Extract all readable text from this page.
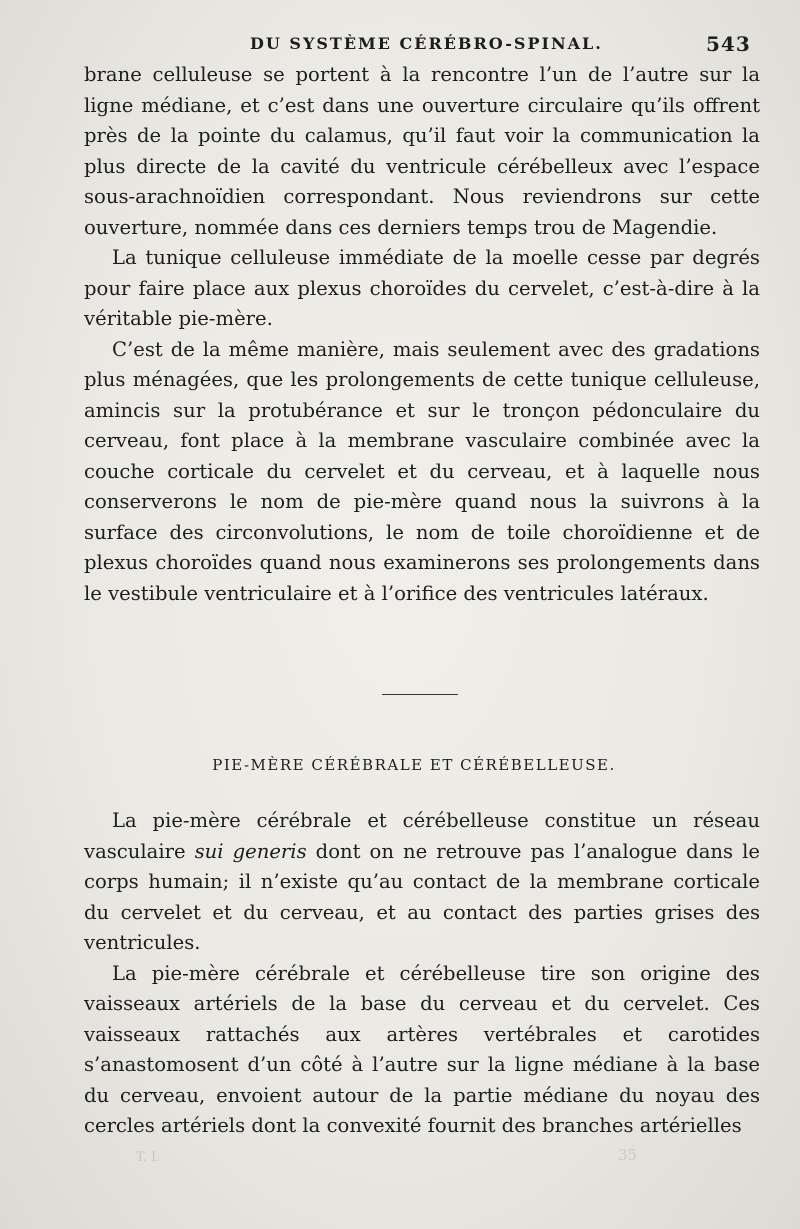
DU SYSTÈME CÉRÉBRO-SPINAL.	543

brane celluleuse se portent à la rencontre l’un de l’autre sur la ligne médiane, et c’est dans une ouverture circulaire qu’ils offrent près de la pointe du calamus, qu’il faut voir la communication la plus directe de la cavité du ventricule cérébelleux avec l’espace sous-arachnoïdien correspondant. Nous reviendrons sur cette ouverture, nommée dans ces derniers temps trou de Magendie.

La tunique celluleuse immédiate de la moelle cesse par degrés pour faire place aux plexus choroïdes du cervelet, c’est-à-dire à la véritable pie-mère.

C’est de la même manière, mais seulement avec des gradations plus ménagées, que les prolongements de cette tunique celluleuse, amincis sur la protubérance et sur le tronçon pédonculaire du cerveau, font place à la membrane vasculaire combinée avec la couche corticale du cervelet et du cerveau, et à laquelle nous conserverons le nom de pie-mère quand nous la suivrons à la surface des circonvolutions, le nom de toile choroïdienne et de plexus choroïdes quand nous examinerons ses prolongements dans le vestibule ventriculaire et à l’orifice des ventricules latéraux.

PIE-MÈRE CÉRÉBRALE ET CÉRÉBELLEUSE.

La pie-mère cérébrale et cérébelleuse constitue un réseau vasculaire sui generis dont on ne retrouve pas l’analogue dans le corps humain; il n’existe qu’au contact de la membrane corticale du cervelet et du cerveau, et au contact des parties grises des ventricules.

La pie-mère cérébrale et cérébelleuse tire son origine des vaisseaux artériels de la base du cerveau et du cervelet. Ces vaisseaux rattachés aux artères vertébrales et carotides s’anastomosent d’un côté à l’autre sur la ligne médiane à la base du cerveau, envoient autour de la partie médiane du noyau des cercles artériels dont la convexité fournit des branches artérielles

T. I.	35
